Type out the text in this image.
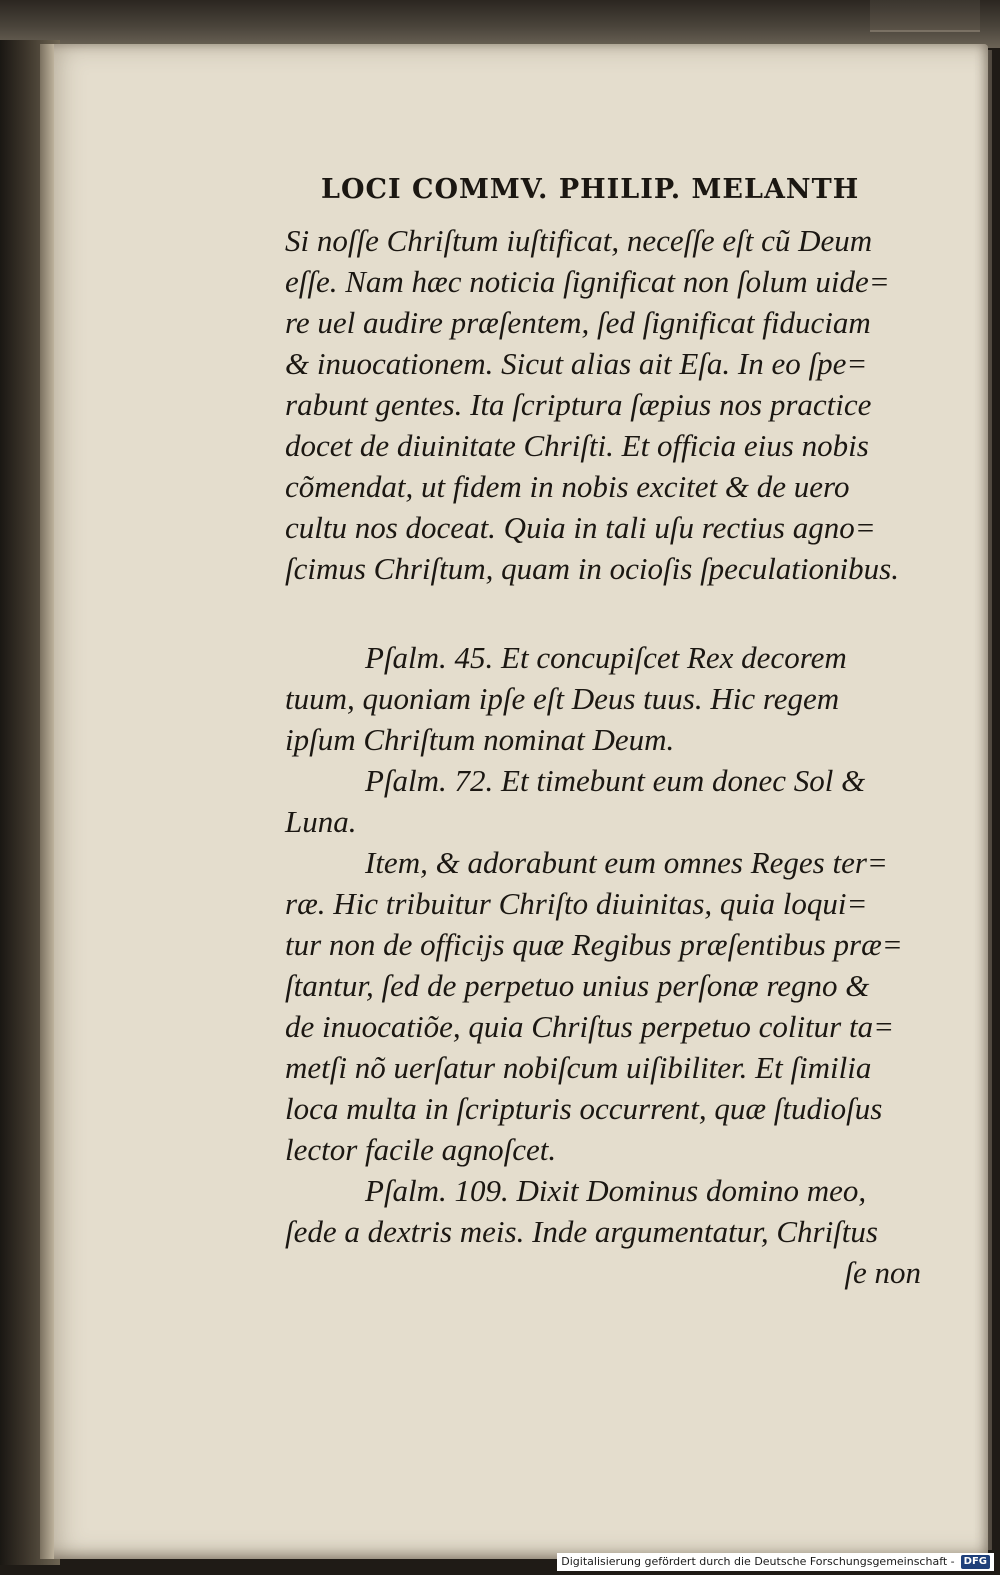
LOCI COMMV. PHILIP. MELANTH
Si noſſe Chriſtum iuſtificat, neceſſe eſt cũ Deum
eſſe. Nam hæc noticia ſignificat non ſolum uide=
re uel audire præſentem, ſed ſignificat fiduciam
& inuocationem. Sicut alias ait Eſa. In eo ſpe=
rabunt gentes. Ita ſcriptura ſæpius nos practice
docet de diuinitate Chriſti. Et officia eius nobis
cõmendat, ut fidem in nobis excitet & de uero
cultu nos doceat. Quia in tali uſu rectius agno=
ſcimus Chriſtum, quam in ocioſis ſpeculationibus.
Pſalm. 45. Et concupiſcet Rex decorem
tuum, quoniam ipſe eſt Deus tuus. Hic regem
ipſum Chriſtum nominat Deum.
Pſalm. 72. Et timebunt eum donec Sol &
Luna.
Item, & adorabunt eum omnes Reges ter=
ræ. Hic tribuitur Chriſto diuinitas, quia loqui=
tur non de officijs quæ Regibus præſentibus præ=
ſtantur, ſed de perpetuo unius perſonæ regno &
de inuocatiõe, quia Chriſtus perpetuo colitur ta=
metſi nõ uerſatur nobiſcum uiſibiliter. Et ſimilia
loca multa in ſcripturis occurrent, quæ ſtudioſus
lector facile agnoſcet.
Pſalm. 109. Dixit Dominus domino meo,
ſede a dextris meis. Inde argumentatur, Chriſtus
ſe non
Digitalisierung gefördert durch die Deutsche Forschungsgemeinschaft - DFG
